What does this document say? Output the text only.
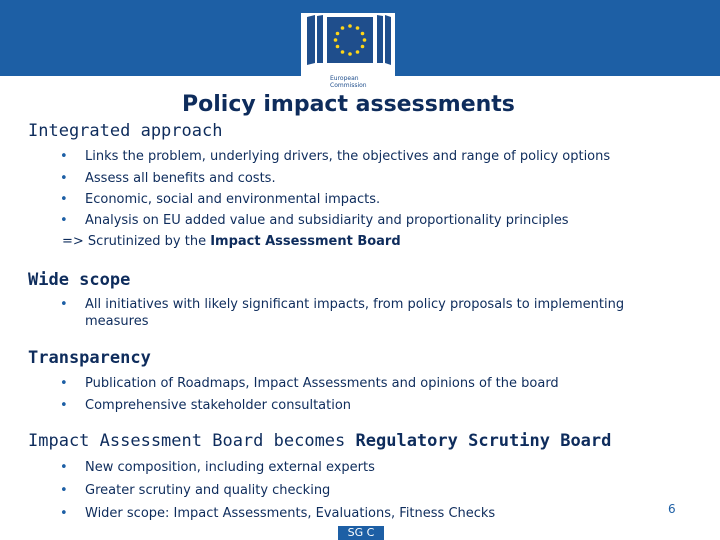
European
Commission
Policy impact assessments
Integrated approach
• Links the problem, underlying drivers, the objectives and range of policy options
• Assess all benefits and costs.
• Economic, social and environmental impacts.
• Analysis on EU added value and subsidiarity and proportionality principles
=> Scrutinized by the Impact Assessment Board
Wide scope
• All initiatives with likely significant impacts, from policy proposals to implementing measures
Transparency
• Publication of Roadmaps, Impact Assessments and opinions of the board
• Comprehensive stakeholder consultation
Impact Assessment Board becomes Regulatory Scrutiny Board
• New composition, including external experts
• Greater scrutiny and quality checking
• Wider scope: Impact Assessments, Evaluations, Fitness Checks	6
SG C
